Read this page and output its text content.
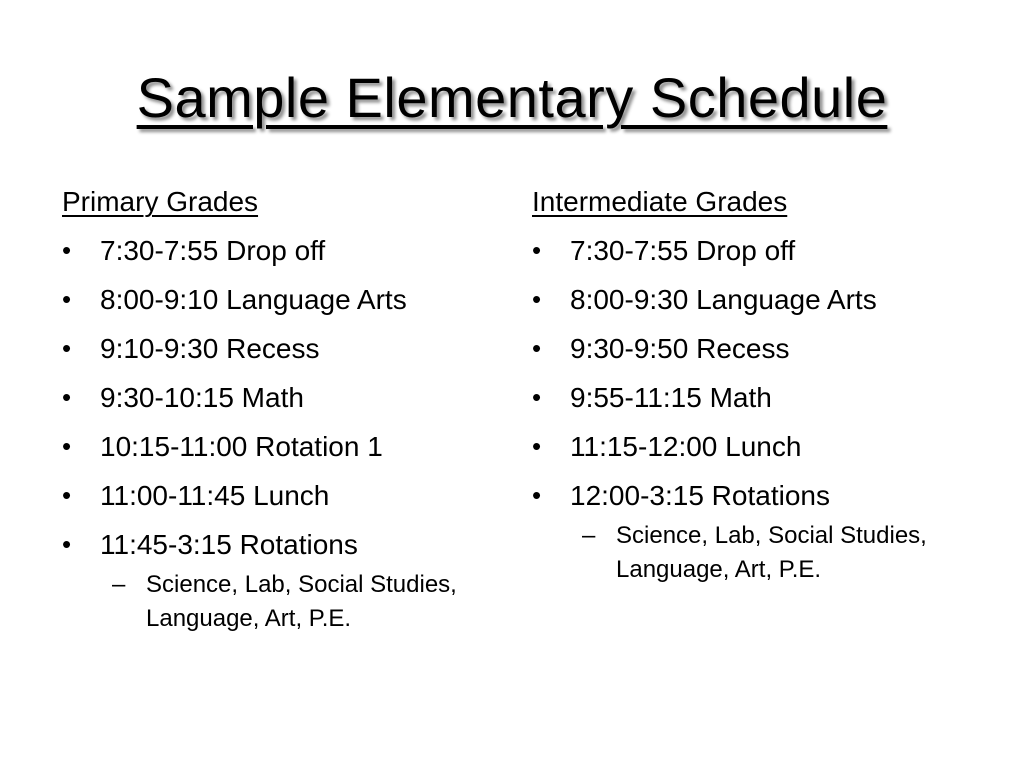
Sample Elementary Schedule
Primary Grades
•	7:30-7:55 Drop off
•	8:00-9:10 Language Arts
•	9:10-9:30 Recess
•	9:30-10:15 Math
•	10:15-11:00 Rotation 1
•	11:00-11:45 Lunch
•	11:45-3:15 Rotations
– Science, Lab, Social Studies, Language, Art, P.E.
Intermediate Grades
•	7:30-7:55 Drop off
•	8:00-9:30 Language Arts
•	9:30-9:50 Recess
•	9:55-11:15 Math
•	11:15-12:00 Lunch
•	12:00-3:15 Rotations
– Science, Lab, Social Studies, Language, Art, P.E.
